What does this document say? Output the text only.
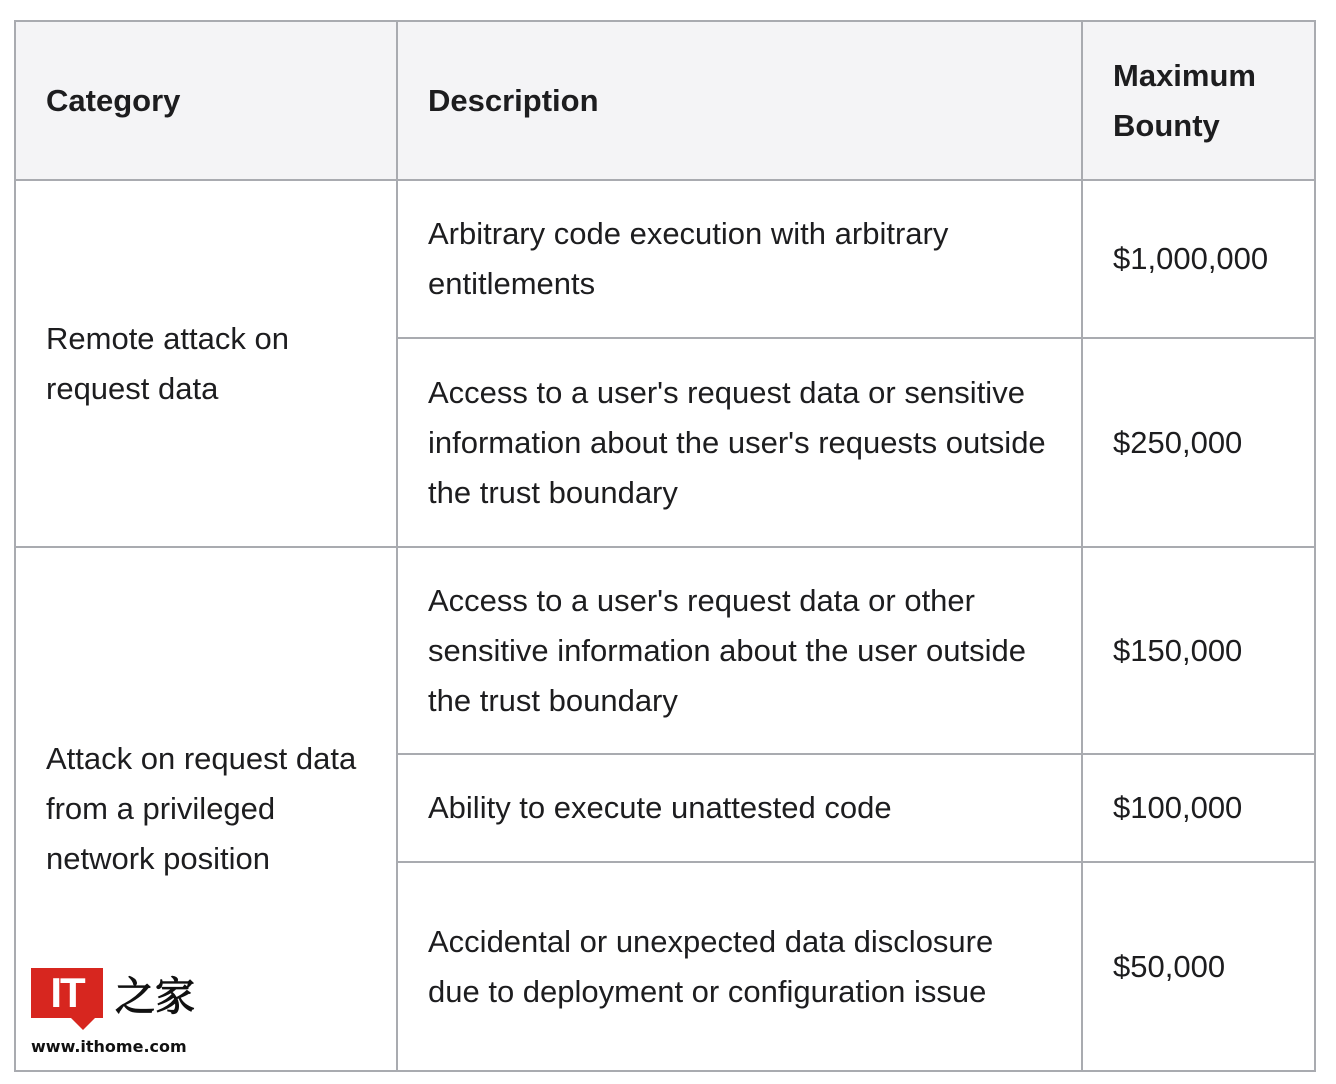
Category	Description	Maximum Bounty
Remote attack on request data	Arbitrary code execution with arbitrary entitlements	$1,000,000
	Access to a user's request data or sensitive information about the user's requests outside the trust boundary	$250,000
Attack on request data from a privileged network position	Access to a user's request data or other sensitive information about the user outside the trust boundary	$150,000
	Ability to execute unattested code	$100,000
	Accidental or unexpected data disclosure due to deployment or configuration issue	$50,000
IT 之家
www.ithome.com
